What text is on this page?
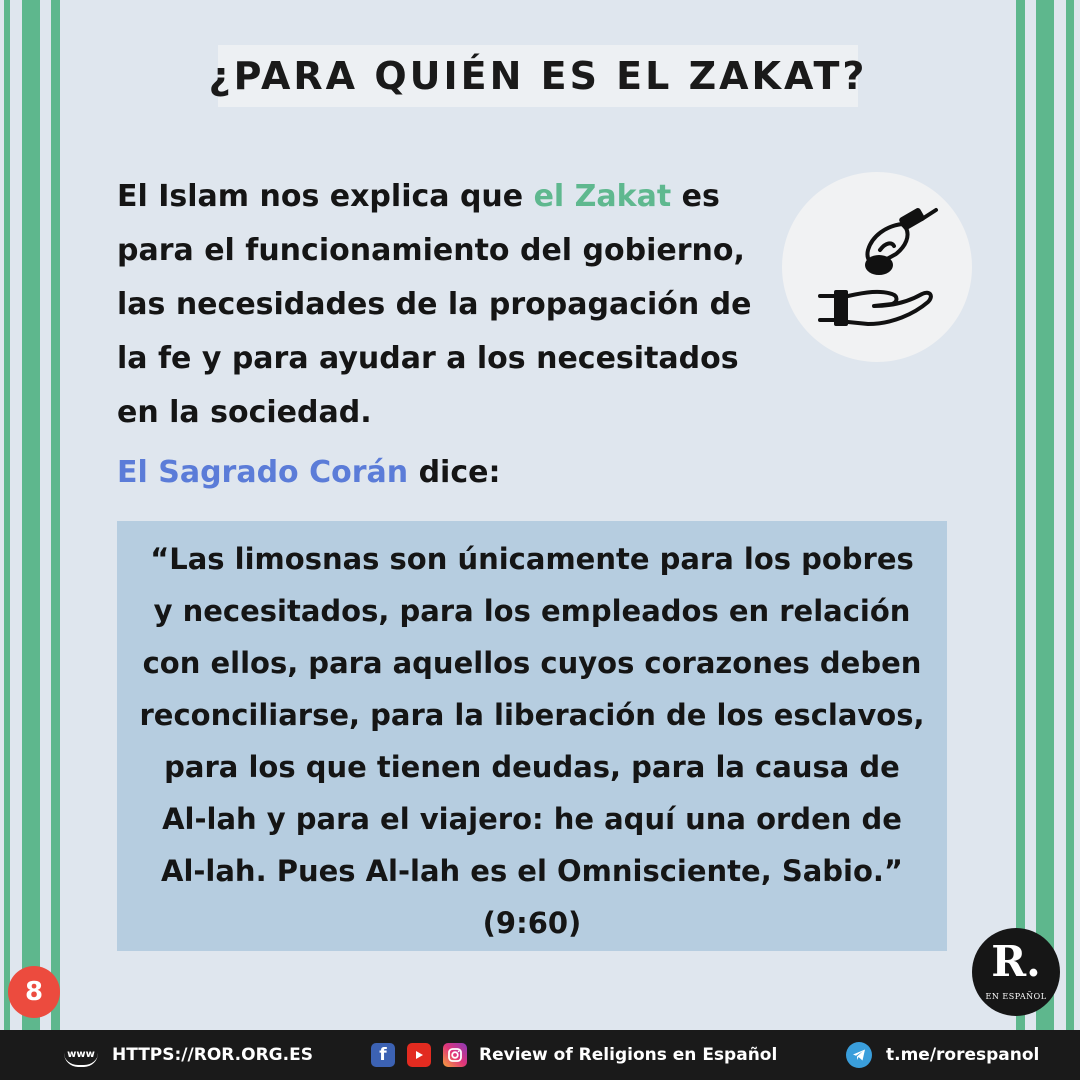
¿PARA QUIÉN ES EL ZAKAT?
El Islam nos explica que el Zakat es para el funcionamiento del gobierno, las necesidades de la propagación de la fe y para ayudar a los necesitados en la sociedad.
El Sagrado Corán dice:
“Las limosnas son únicamente para los pobres y necesitados, para los empleados en relación con ellos, para aquellos cuyos corazones deben reconciliarse, para la liberación de los esclavos, para los que tienen deudas, para la causa de Al-lah y para el viajero: he aquí una orden de Al-lah. Pues Al-lah es el Omnisciente, Sabio.”
(9:60)
8
R.
EN ESPAÑOL
www HTTPS://ROR.ORG.ES	f	Review of Religions en Español	t.me/rorespanol
